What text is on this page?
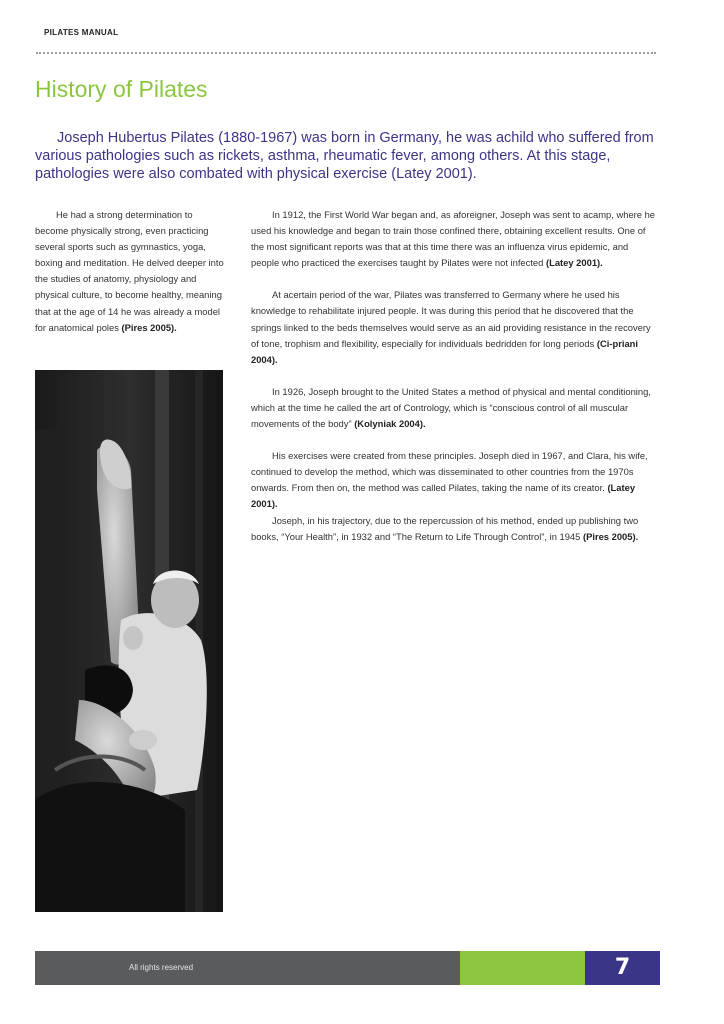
PILATES MANUAL
History of Pilates

Joseph Hubertus Pilates (1880-1967) was born in Germany, he was achild who suffered from various pathologies such as rickets, asthma, rheumatic fever, among others. At this stage, pathologies were also combated with physical exercise (Latey 2001).

He had a strong determination to become physically strong, even practicing several sports such as gymnastics, yoga, boxing and meditation. He delved deeper into the studies of anatomy, physiology and physical culture, to become healthy, meaning that at the age of 14 he was already a model for anatomical poles (Pires 2005).

In 1912, the First World War began and, as aforeigner, Joseph was sent to acamp, where he used his knowledge and began to train those confined there, obtaining excellent results. One of the most significant reports was that at this time there was an influenza virus epidemic, and people who practiced the exercises taught by Pilates were not infected (Latey 2001).

At acertain period of the war, Pilates was transferred to Germany where he used his knowledge to rehabilitate injured people. It was during this period that he discovered that the springs linked to the beds themselves would serve as an aid providing resistance in the recovery of tone, trophism and flexibility, especially for individuals bedridden for long periods (Ci-priani 2004).

In 1926, Joseph brought to the United States a method of physical and mental conditioning, which at the time he called the art of Contrology, which is “conscious control of all muscular movements of the body” (Kolyniak 2004).

His exercises were created from these principles. Joseph died in 1967, and Clara, his wife, continued to develop the method, which was disseminated to other countries from the 1970s onwards. From then on, the method was called Pilates, taking the name of its creator. (Latey 2001).

Joseph, in his trajectory, due to the repercussion of his method, ended up publishing two books, “Your Health”, in 1932 and “The Return to Life Through Control”, in 1945 (Pires 2005).

All rights reserved	7
